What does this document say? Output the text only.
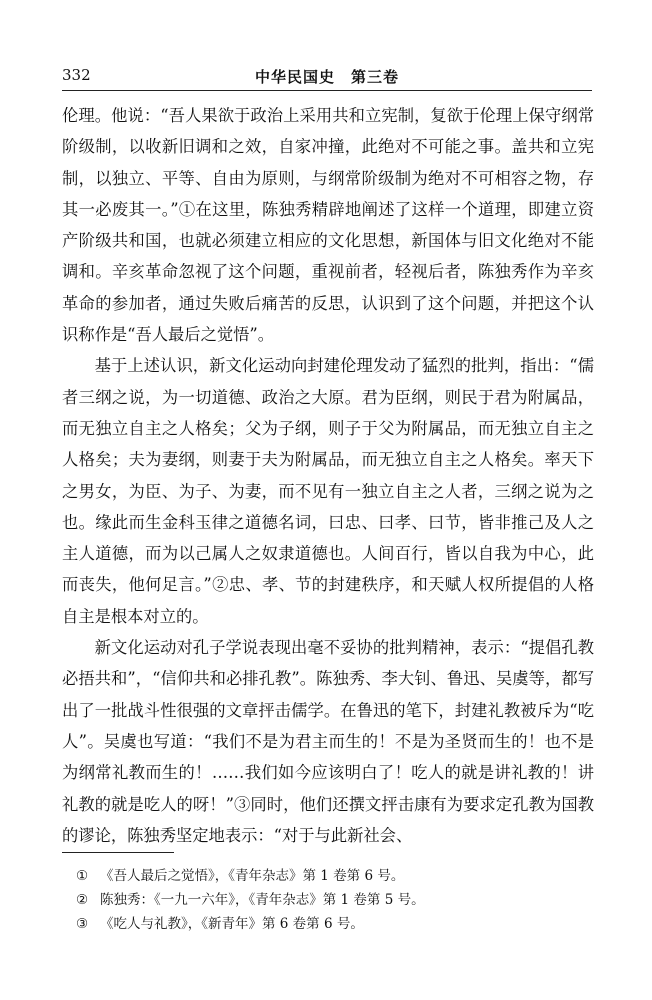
332	中华民国史　第三卷

伦理。他说：“吾人果欲于政治上采用共和立宪制，复欲于伦理上保守纲常阶级制，以收新旧调和之效，自家冲撞，此绝对不可能之事。盖共和立宪制，以独立、平等、自由为原则，与纲常阶级制为绝对不可相容之物，存其一必废其一。”①在这里，陈独秀精辟地阐述了这样一个道理，即建立资产阶级共和国，也就必须建立相应的文化思想，新国体与旧文化绝对不能调和。辛亥革命忽视了这个问题，重视前者，轻视后者，陈独秀作为辛亥革命的参加者，通过失败后痛苦的反思，认识到了这个问题，并把这个认识称作是“吾人最后之觉悟”。

基于上述认识，新文化运动向封建伦理发动了猛烈的批判，指出：“儒者三纲之说，为一切道德、政治之大原。君为臣纲，则民于君为附属品，而无独立自主之人格矣；父为子纲，则子于父为附属品，而无独立自主之人格矣；夫为妻纲，则妻于夫为附属品，而无独立自主之人格矣。率天下之男女，为臣、为子、为妻，而不见有一独立自主之人者，三纲之说为之也。缘此而生金科玉律之道德名词，曰忠、曰孝、曰节，皆非推己及人之主人道德，而为以己属人之奴隶道德也。人间百行，皆以自我为中心，此而丧失，他何足言。”②忠、孝、节的封建秩序，和天赋人权所提倡的人格自主是根本对立的。

新文化运动对孔子学说表现出毫不妥协的批判精神，表示：“提倡孔教必捂共和”，“信仰共和必排孔教”。陈独秀、李大钊、鲁迅、吴虞等，都写出了一批战斗性很强的文章抨击儒学。在鲁迅的笔下，封建礼教被斥为“吃人”。吴虞也写道：“我们不是为君主而生的！不是为圣贤而生的！也不是为纲常礼教而生的！……我们如今应该明白了！吃人的就是讲礼教的！讲礼教的就是吃人的呀！”③同时，他们还撰文抨击康有为要求定孔教为国教的谬论，陈独秀坚定地表示：“对于与此新社会、

① 《吾人最后之觉悟》，《青年杂志》第 1 卷第 6 号。
② 陈独秀：《一九一六年》，《青年杂志》第 1 卷第 5 号。
③ 《吃人与礼教》，《新青年》第 6 卷第 6 号。
